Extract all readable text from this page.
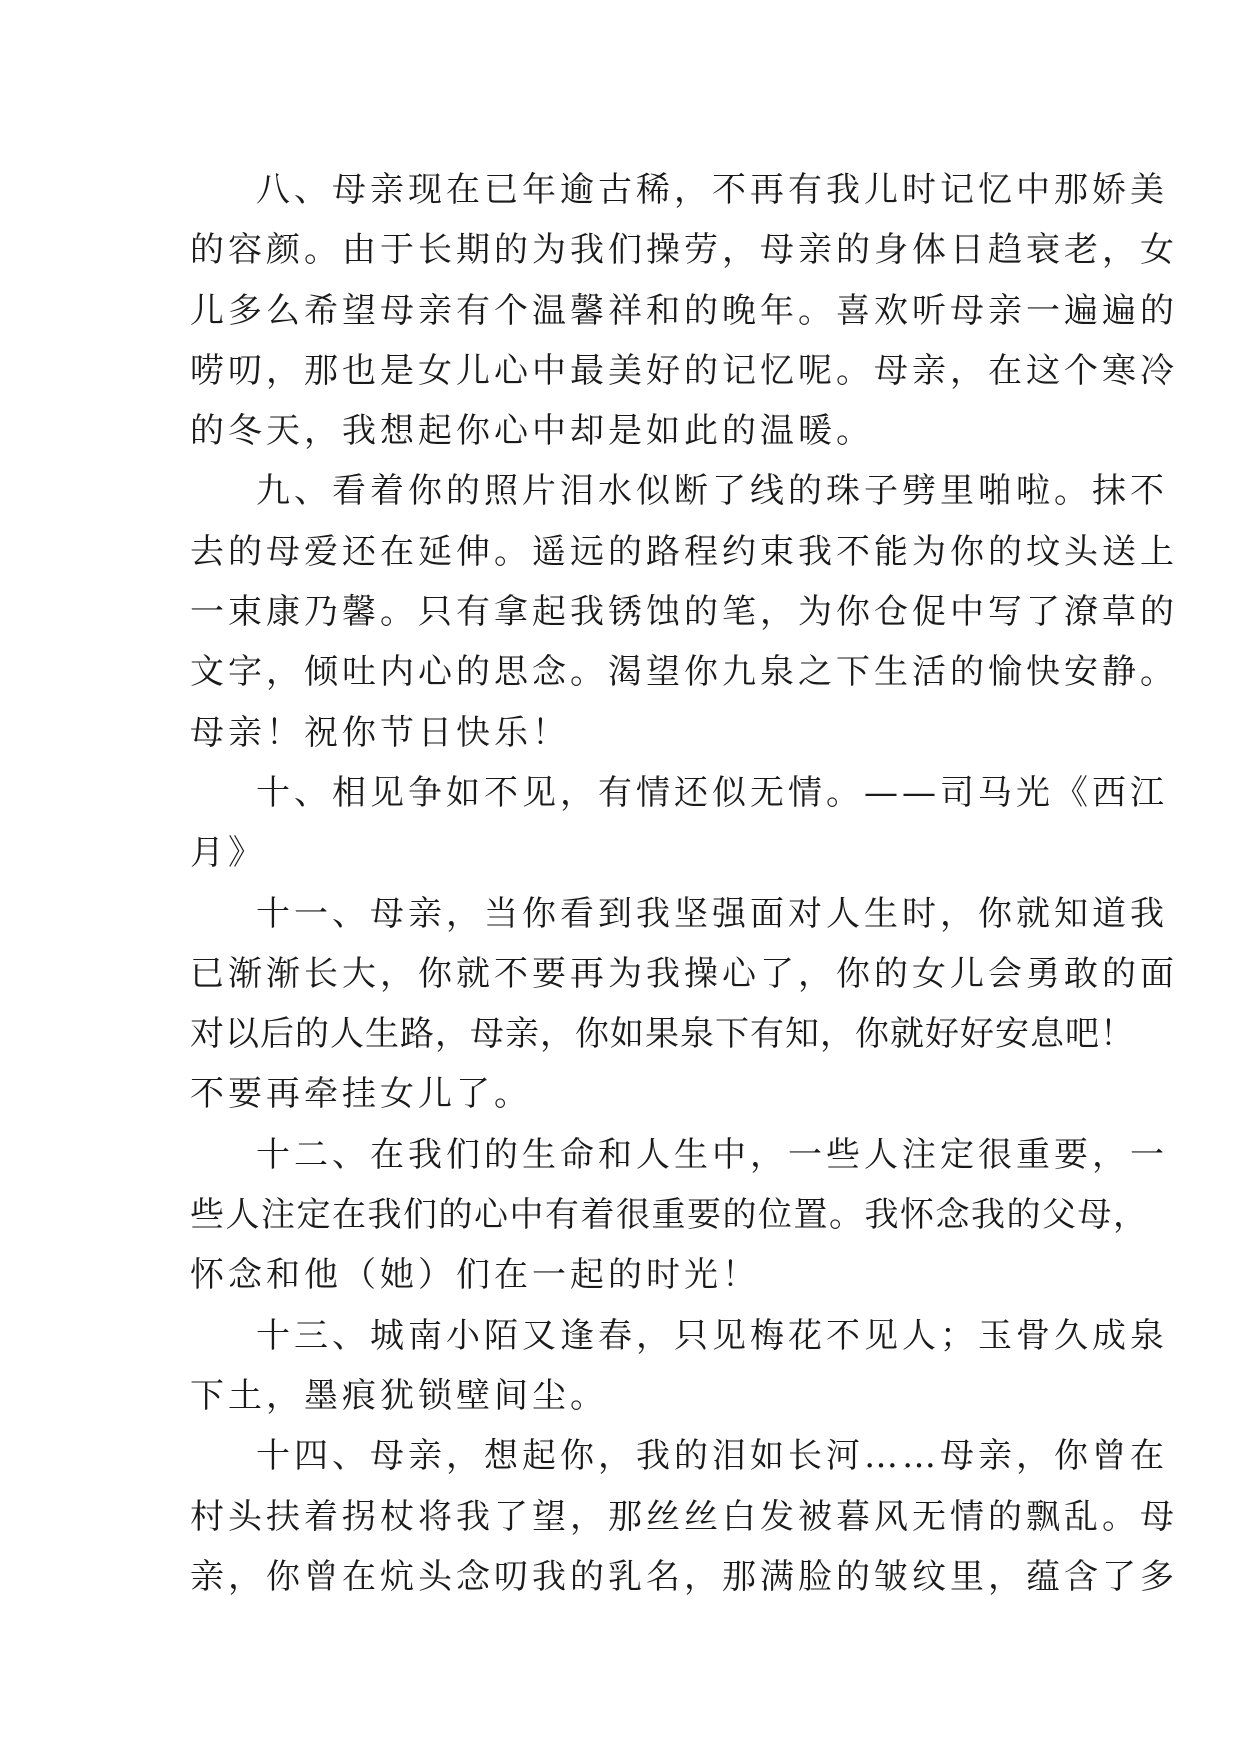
八、母亲现在已年逾古稀，不再有我儿时记忆中那娇美
的容颜。由于长期的为我们操劳，母亲的身体日趋衰老，女
儿多么希望母亲有个温馨祥和的晚年。喜欢听母亲一遍遍的
唠叨，那也是女儿心中最美好的记忆呢。母亲，在这个寒冷
的冬天，我想起你心中却是如此的温暖。
九、看着你的照片泪水似断了线的珠子劈里啪啦。抹不
去的母爱还在延伸。遥远的路程约束我不能为你的坟头送上
一束康乃馨。只有拿起我锈蚀的笔，为你仓促中写了潦草的
文字，倾吐内心的思念。渴望你九泉之下生活的愉快安静。
母亲！祝你节日快乐！
十、相见争如不见，有情还似无情。——司马光《西江
月》
十一、母亲，当你看到我坚强面对人生时，你就知道我
已渐渐长大，你就不要再为我操心了，你的女儿会勇敢的面
对以后的人生路，母亲，你如果泉下有知，你就好好安息吧！
不要再牵挂女儿了。
十二、在我们的生命和人生中，一些人注定很重要，一
些人注定在我们的心中有着很重要的位置。我怀念我的父母，
怀念和他（她）们在一起的时光！
十三、城南小陌又逢春，只见梅花不见人；玉骨久成泉
下土，墨痕犹锁壁间尘。
十四、母亲，想起你，我的泪如长河……母亲，你曾在
村头扶着拐杖将我了望，那丝丝白发被暮风无情的飘乱。母
亲，你曾在炕头念叨我的乳名，那满脸的皱纹里，蕴含了多
